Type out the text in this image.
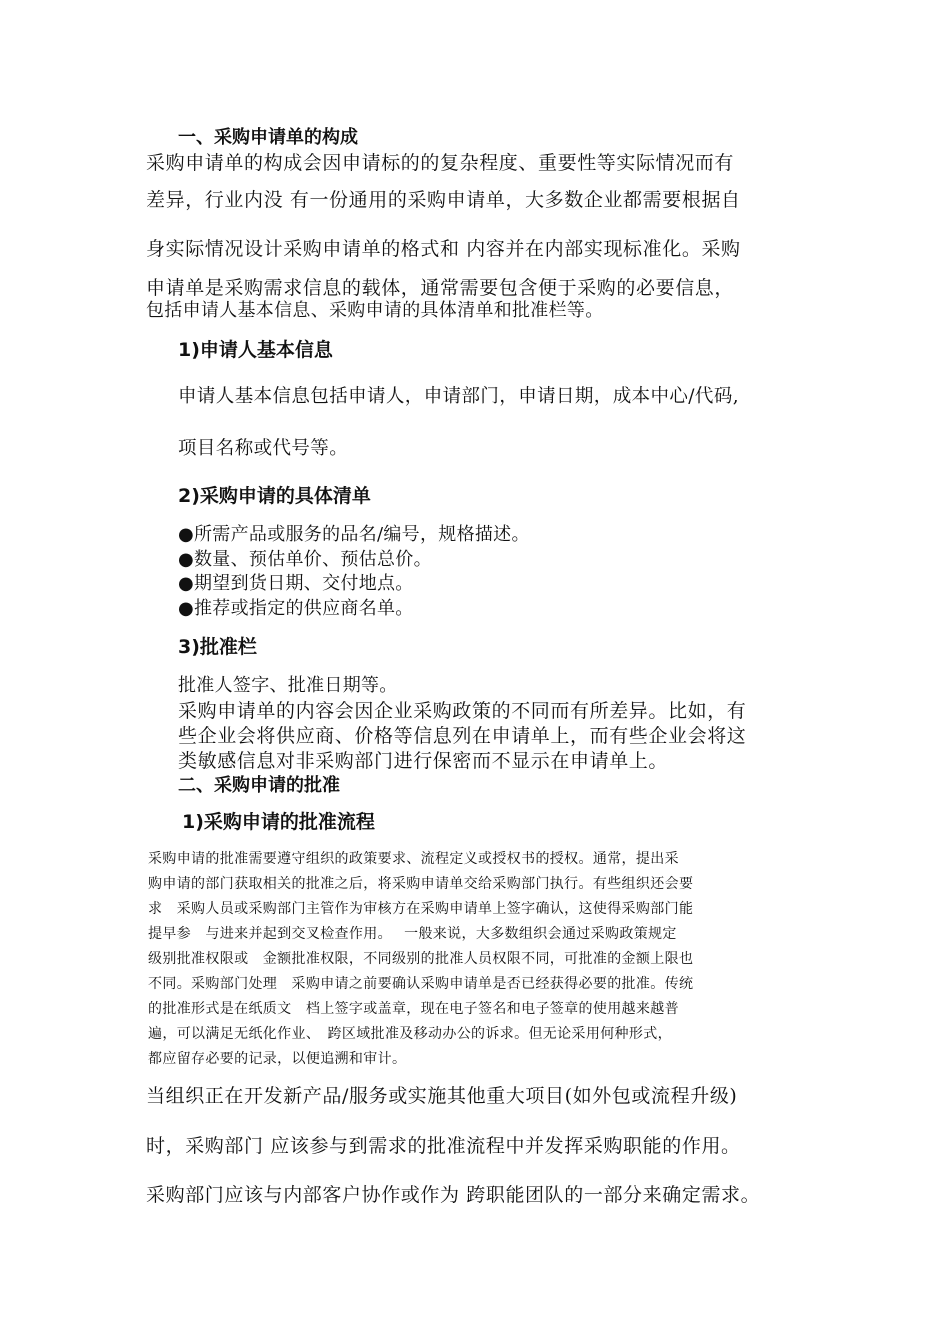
一、采购申请单的构成
采购申请单的构成会因申请标的的复杂程度、重要性等实际情况而有
差异，行业内没 有一份通用的采购申请单，大多数企业都需要根据自
身实际情况设计采购申请单的格式和 内容并在内部实现标准化。采购
申请单是采购需求信息的载体，通常需要包含便于采购的必要信息，
包括申请人基本信息、采购申请的具体清单和批准栏等。
1)申请人基本信息
申请人基本信息包括申请人，申请部门，申请日期，成本中心/代码,
项目名称或代号等。
2)采购申请的具体清单
●所需产品或服务的品名/编号，规格描述。
●数量、预估单价、预估总价。
●期望到货日期、交付地点。
●推荐或指定的供应商名单。
3)批准栏
批准人签字、批准日期等。
采购申请单的内容会因企业采购政策的不同而有所差异。比如，有
些企业会将供应商、价格等信息列在申请单上，而有些企业会将这
类敏感信息对非采购部门进行保密而不显示在申请单上。
二、采购申请的批准
1)采购申请的批准流程
采购申请的批准需要遵守组织的政策要求、流程定义或授权书的授权。通常，提出采
购申请的部门获取相关的批准之后，将采购申请单交给采购部门执行。有些组织还会要
求　采购人员或采购部门主管作为审核方在采购申请单上签字确认，这使得采购部门能
提早参　与进来并起到交叉检查作用。　 一般来说，大多数组织会通过采购政策规定
级别批准权限或　金额批准权限，不同级别的批准人员权限不同，可批准的金额上限也
不同。采购部门处理　采购申请之前要确认采购申请单是否已经获得必要的批准。传统
的批准形式是在纸质文　档上签字或盖章，现在电子签名和电子签章的使用越来越普
遍，可以满足无纸化作业、　跨区域批准及移动办公的诉求。但无论采用何种形式，
都应留存必要的记录，以便追溯和审计。
当组织正在开发新产品/服务或实施其他重大项目(如外包或流程升级)
时，采购部门 应该参与到需求的批准流程中并发挥采购职能的作用。
采购部门应该与内部客户协作或作为 跨职能团队的一部分来确定需求。
